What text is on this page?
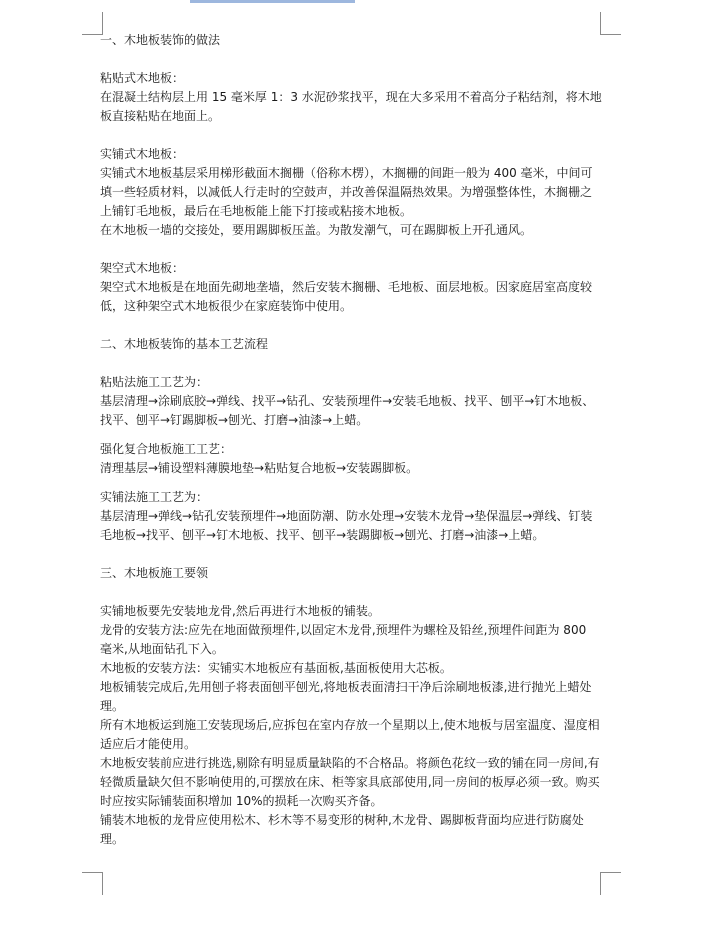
一、木地板装饰的做法

粘贴式木地板：

在混凝土结构层上用 15 毫米厚 1：3 水泥砂浆找平，现在大多采用不着高分子粘结剂，将木地板直接粘贴在地面上。

实铺式木地板：

实铺式木地板基层采用梯形截面木搁栅（俗称木楞），木搁栅的间距一般为 400 毫米，中间可填一些轻质材料，以减低人行走时的空鼓声，并改善保温隔热效果。为增强整体性，木搁栅之上铺钉毛地板，最后在毛地板能上能下打接或粘接木地板。

在木地板一墙的交接处，要用踢脚板压盖。为散发潮气，可在踢脚板上开孔通风。

架空式木地板：

架空式木地板是在地面先砌地垄墙，然后安装木搁栅、毛地板、面层地板。因家庭居室高度较低，这种架空式木地板很少在家庭装饰中使用。

二、木地板装饰的基本工艺流程

粘贴法施工工艺为：

基层清理→涂刷底胶→弹线、找平→钻孔、安装预埋件→安装毛地板、找平、刨平→钉木地板、找平、刨平→钉踢脚板→刨光、打磨→油漆→上蜡。

强化复合地板施工工艺：

清理基层→铺设塑料薄膜地垫→粘贴复合地板→安装踢脚板。

实铺法施工工艺为：

基层清理→弹线→钻孔安装预埋件→地面防潮、防水处理→安装木龙骨→垫保温层→弹线、钉装毛地板→找平、刨平→钉木地板、找平、刨平→装踢脚板→刨光、打磨→油漆→上蜡。

三、木地板施工要领

实铺地板要先安装地龙骨,然后再进行木地板的铺装。

龙骨的安装方法:应先在地面做预埋件,以固定木龙骨,预埋件为螺栓及铅丝,预埋件间距为 800 毫米,从地面钻孔下入。

木地板的安装方法：实铺实木地板应有基面板,基面板使用大芯板。

地板铺装完成后,先用刨子将表面刨平刨光,将地板表面清扫干净后涂刷地板漆,进行抛光上蜡处理。

所有木地板运到施工安装现场后,应拆包在室内存放一个星期以上,使木地板与居室温度、湿度相适应后才能使用。

木地板安装前应进行挑选,剔除有明显质量缺陷的不合格品。将颜色花纹一致的铺在同一房间,有轻微质量缺欠但不影响使用的,可摆放在床、柜等家具底部使用,同一房间的板厚必须一致。购买时应按实际铺装面积增加 10%的损耗一次购买齐备。

铺装木地板的龙骨应使用松木、杉木等不易变形的树种,木龙骨、踢脚板背面均应进行防腐处理。
